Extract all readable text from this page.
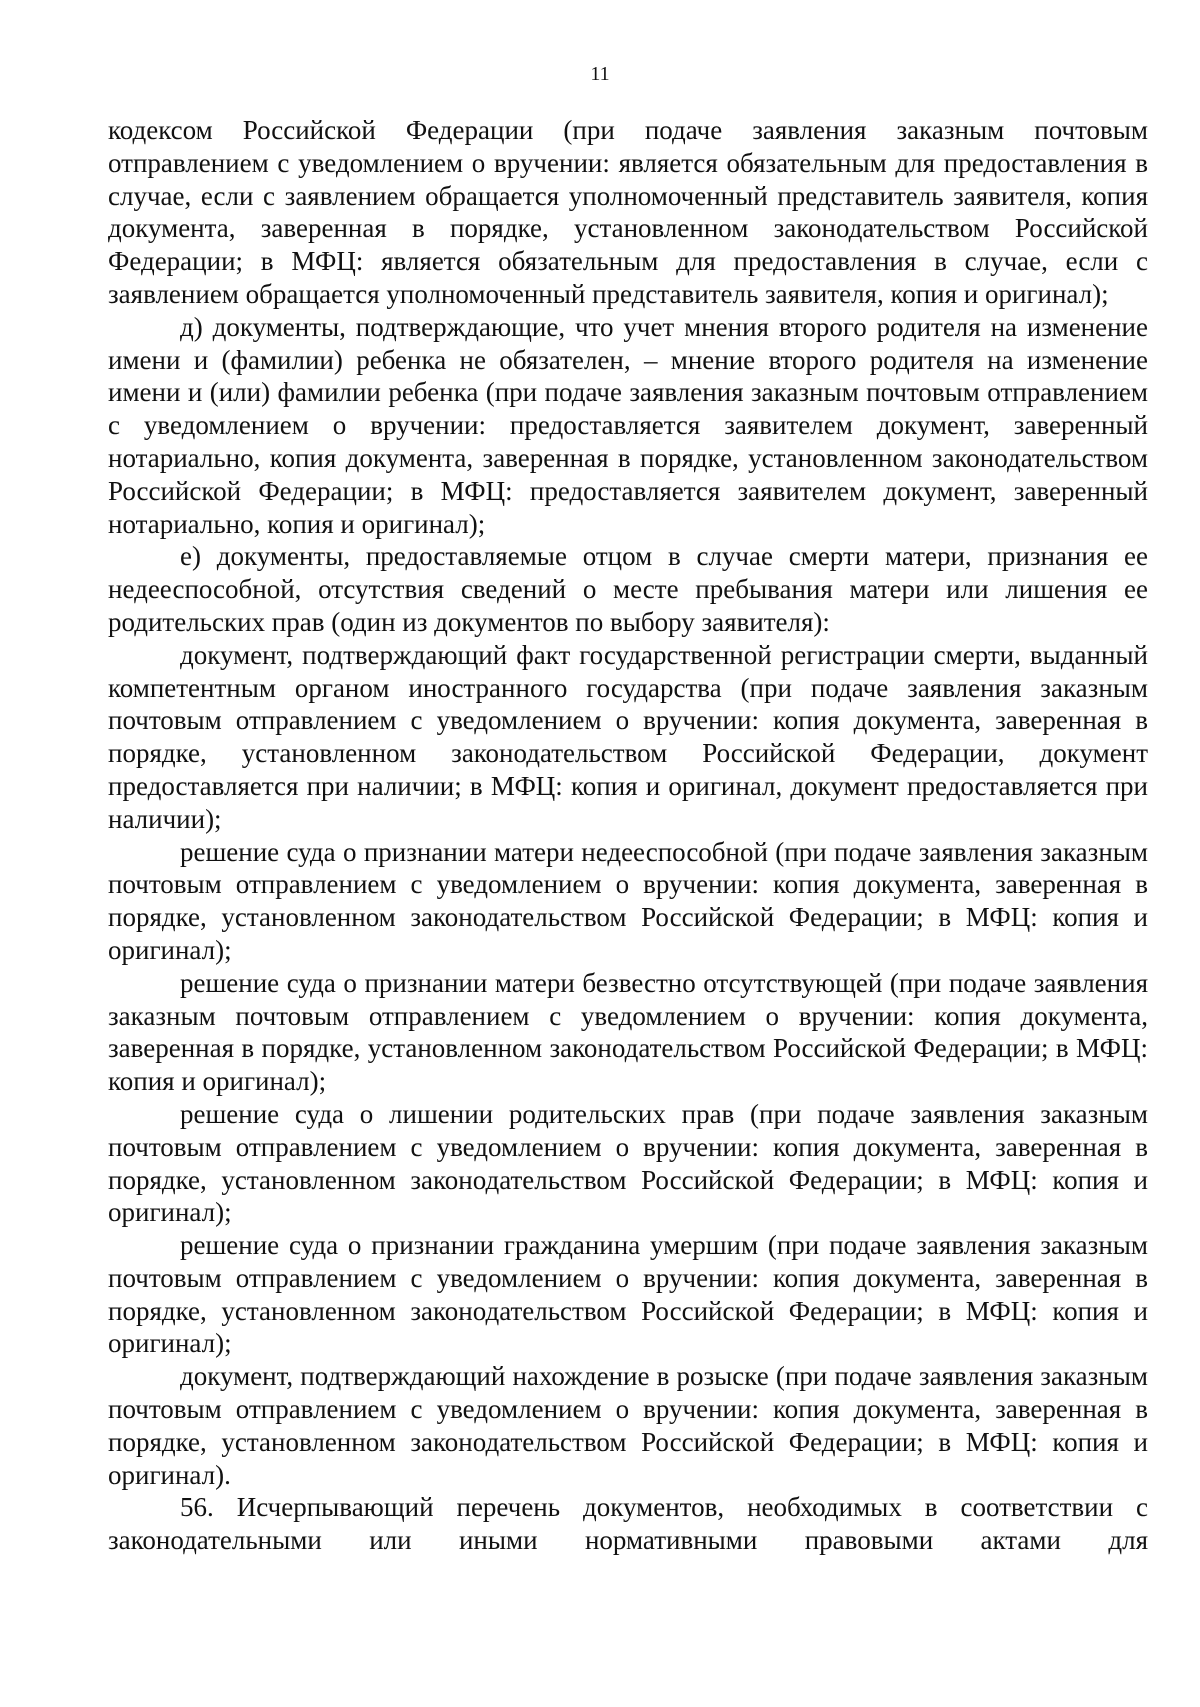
11

кодексом Российской Федерации (при подаче заявления заказным почтовым отправлением с уведомлением о вручении: является обязательным для предоставления в случае, если с заявлением обращается уполномоченный представитель заявителя, копия документа, заверенная в порядке, установленном законодательством Российской Федерации; в МФЦ: является обязательным для предоставления в случае, если с заявлением обращается уполномоченный представитель заявителя, копия и оригинал);

д) документы, подтверждающие, что учет мнения второго родителя на изменение имени и (фамилии) ребенка не обязателен, – мнение второго родителя на изменение имени и (или) фамилии ребенка (при подаче заявления заказным почтовым отправлением с уведомлением о вручении: предоставляется заявителем документ, заверенный нотариально, копия документа, заверенная в порядке, установленном законодательством Российской Федерации; в МФЦ: предоставляется заявителем документ, заверенный нотариально, копия и оригинал);

е) документы, предоставляемые отцом в случае смерти матери, признания ее недееспособной, отсутствия сведений о месте пребывания матери или лишения ее родительских прав (один из документов по выбору заявителя):

документ, подтверждающий факт государственной регистрации смерти, выданный компетентным органом иностранного государства (при подаче заявления заказным почтовым отправлением с уведомлением о вручении: копия документа, заверенная в порядке, установленном законодательством Российской Федерации, документ предоставляется при наличии; в МФЦ: копия и оригинал, документ предоставляется при наличии);

решение суда о признании матери недееспособной (при подаче заявления заказным почтовым отправлением с уведомлением о вручении: копия документа, заверенная в порядке, установленном законодательством Российской Федерации; в МФЦ: копия и оригинал);

решение суда о признании матери безвестно отсутствующей (при подаче заявления заказным почтовым отправлением с уведомлением о вручении: копия документа, заверенная в порядке, установленном законодательством Российской Федерации; в МФЦ: копия и оригинал);

решение суда о лишении родительских прав (при подаче заявления заказным почтовым отправлением с уведомлением о вручении: копия документа, заверенная в порядке, установленном законодательством Российской Федерации; в МФЦ: копия и оригинал);

решение суда о признании гражданина умершим (при подаче заявления заказным почтовым отправлением с уведомлением о вручении: копия документа, заверенная в порядке, установленном законодательством Российской Федерации; в МФЦ: копия и оригинал);

документ, подтверждающий нахождение в розыске (при подаче заявления заказным почтовым отправлением с уведомлением о вручении: копия документа, заверенная в порядке, установленном законодательством Российской Федерации; в МФЦ: копия и оригинал).

56. Исчерпывающий перечень документов, необходимых в соответствии с законодательными или иными нормативными правовыми актами для
